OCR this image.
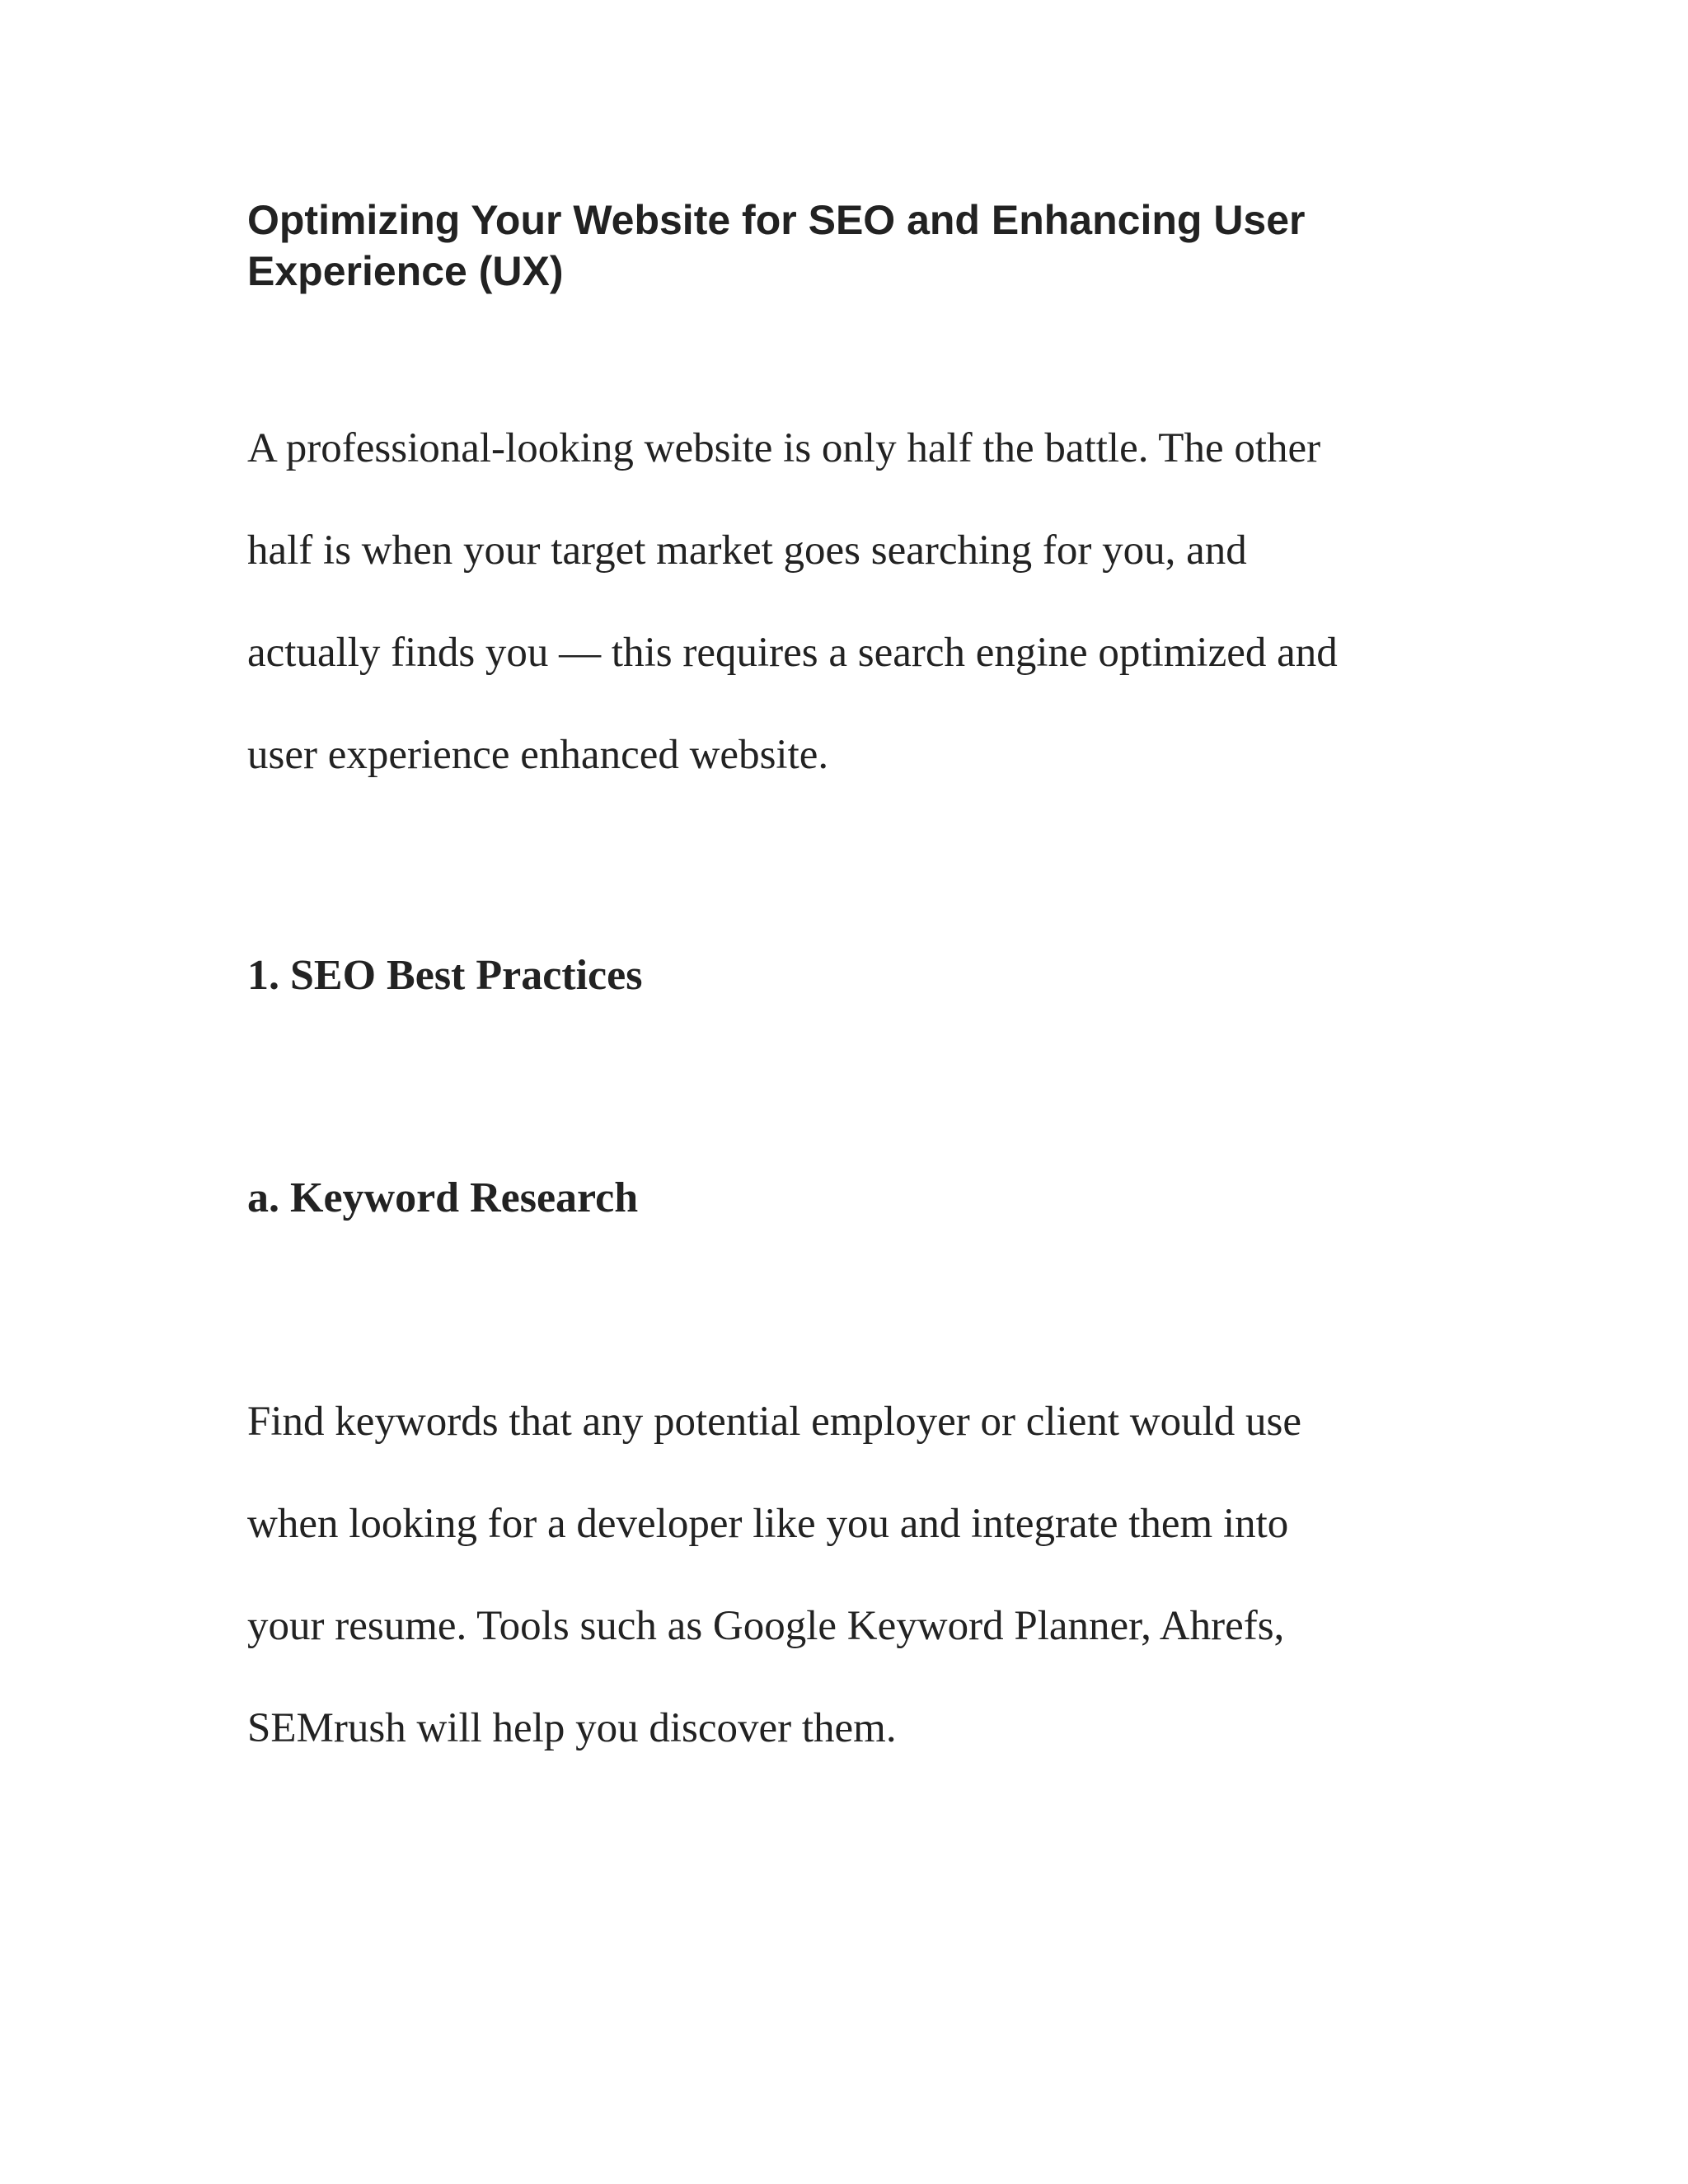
Optimizing Your Website for SEO and Enhancing User
Experience (UX)

A professional-looking website is only half the battle. The other
half is when your target market goes searching for you, and
actually finds you — this requires a search engine optimized and
user experience enhanced website.

1. SEO Best Practices
a. Keyword Research

Find keywords that any potential employer or client would use
when looking for a developer like you and integrate them into
your resume. Tools such as Google Keyword Planner, Ahrefs,
SEMrush will help you discover them.
